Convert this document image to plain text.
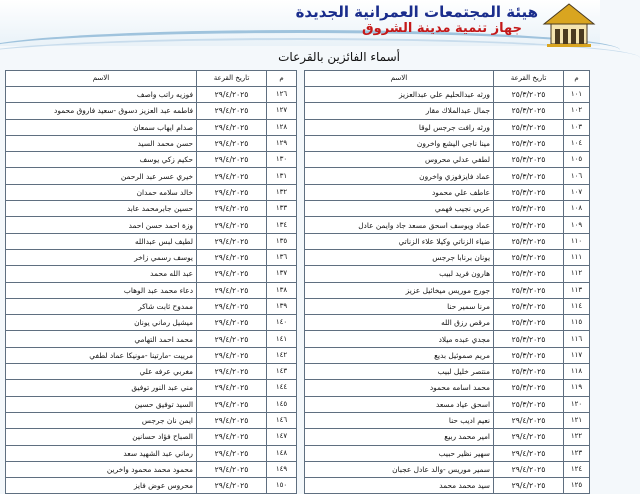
هيئة المجتمعات العمرانية الجديدة
جهاز تنمية مدينة الشروق
أسماء الفائزين بالقرعات
م	تاريخ القرعة	الاسم
١٠١	٢٥/٣/٢٠٢٥	ورثه عبدالحليم علي عبدالعزيز
١٠٢	٢٥/٣/٢٠٢٥	جمال عبدالملاك مقار
١٠٣	٢٥/٣/٢٠٢٥	ورثه رافت جرجس لوقا
١٠٤	٢٥/٣/٢٠٢٥	مينا ناجي اليشع واخرون
١٠٥	٢٥/٣/٢٠٢٥	لطفي عدلي محروس
١٠٦	٢٥/٣/٢٠٢٥	عماد فايزفوزي واخرون
١٠٧	٢٥/٣/٢٠٢٥	عاطف علي محمود
١٠٨	٢٥/٣/٢٠٢٥	عربي نجيب فهمي
١٠٩	٢٥/٣/٢٠٢٥	عماد ويوسف اسحق مسعد جاد وايمن عادل
١١٠	٢٥/٣/٢٠٢٥	ضياء الزناتي وكيلا علاء الزناتي
١١١	٢٥/٣/٢٠٢٥	يونان برنابا جرجس
١١٢	٢٥/٣/٢٠٢٥	هارون فريد لبيب
١١٣	٢٥/٣/٢٠٢٥	جورج موريس ميخائيل عزيز
١١٤	٢٥/٣/٢٠٢٥	مرنا سمير حنا
١١٥	٢٥/٣/٢٠٢٥	مرقص رزق الله
١١٦	٢٥/٣/٢٠٢٥	مجدي عبده ميلاد
١١٧	٢٥/٣/٢٠٢٥	مريم صموئيل بديع
١١٨	٢٥/٣/٢٠٢٥	منتصر خليل لبيب
١١٩	٢٥/٣/٢٠٢٥	محمد اسامه محمود
١٢٠	٢٥/٣/٢٠٢٥	اسحق عياد مسعد
١٢١	٢٩/٤/٢٠٢٥	نعيم اديب حنا
١٢٢	٢٩/٤/٢٠٢٥	امير محمد ربيع
١٢٣	٢٩/٤/٢٠٢٥	سهير نظير حبيب
١٢٤	٢٩/٤/٢٠٢٥	سمير موريس -والد عادل عجبان
١٢٥	٢٩/٤/٢٠٢٥	سيد محمد محمد
م	تاريخ القرعة	الاسم
١٢٦	٢٩/٤/٢٠٢٥	فوزيه راتب واصف
١٢٧	٢٩/٤/٢٠٢٥	فاطمه عبد العزيز دسوق -سعيد فاروق محمود
١٢٨	٢٩/٤/٢٠٢٥	صدام ايهاب سمعان
١٢٩	٢٩/٤/٢٠٢٥	حسن محمد السيد
١٣٠	٢٩/٤/٢٠٢٥	حكيم زكي يوسف
١٣١	٢٩/٤/٢٠٢٥	خيري عسر عبد الرحمن
١٣٢	٢٩/٤/٢٠٢٥	خالد سلامه حمدان
١٣٣	٢٩/٤/٢٠٢٥	حسين جابرمحمد عابد
١٣٤	٢٩/٤/٢٠٢٥	وزة احمد حسن احمد
١٣٥	٢٩/٤/٢٠٢٥	لطيف لبس عبدالله
١٣٦	٢٩/٤/٢٠٢٥	يوسف رسمي زاخر
١٣٧	٢٩/٤/٢٠٢٥	عبد الله محمد
١٣٨	٢٩/٤/٢٠٢٥	دعاء محمد عبد الوهاب
١٣٩	٢٩/٤/٢٠٢٥	ممدوح ثابت شاكر
١٤٠	٢٩/٤/٢٠٢٥	ميشيل رماني يونان
١٤١	٢٩/٤/٢٠٢٥	محمد احمد التهامي
١٤٢	٢٩/٤/٢٠٢٥	مرييت -مارتينا -مونيكا عماد لطفي
١٤٣	٢٩/٤/٢٠٢٥	مغربي عرفه علي
١٤٤	٢٩/٤/٢٠٢٥	مني عبد النور توفيق
١٤٥	٢٩/٤/٢٠٢٥	السيد توفيق حسين
١٤٦	٢٩/٤/٢٠٢٥	ايمن نان جرجس
١٤٧	٢٩/٤/٢٠٢٥	الصباح فؤاد حسانين
١٤٨	٢٩/٤/٢٠٢٥	رماني عبد الشهيد سعد
١٤٩	٢٩/٤/٢٠٢٥	محمود محمد محمود واخرين
١٥٠	٢٩/٤/٢٠٢٥	محروس عوض فايز
